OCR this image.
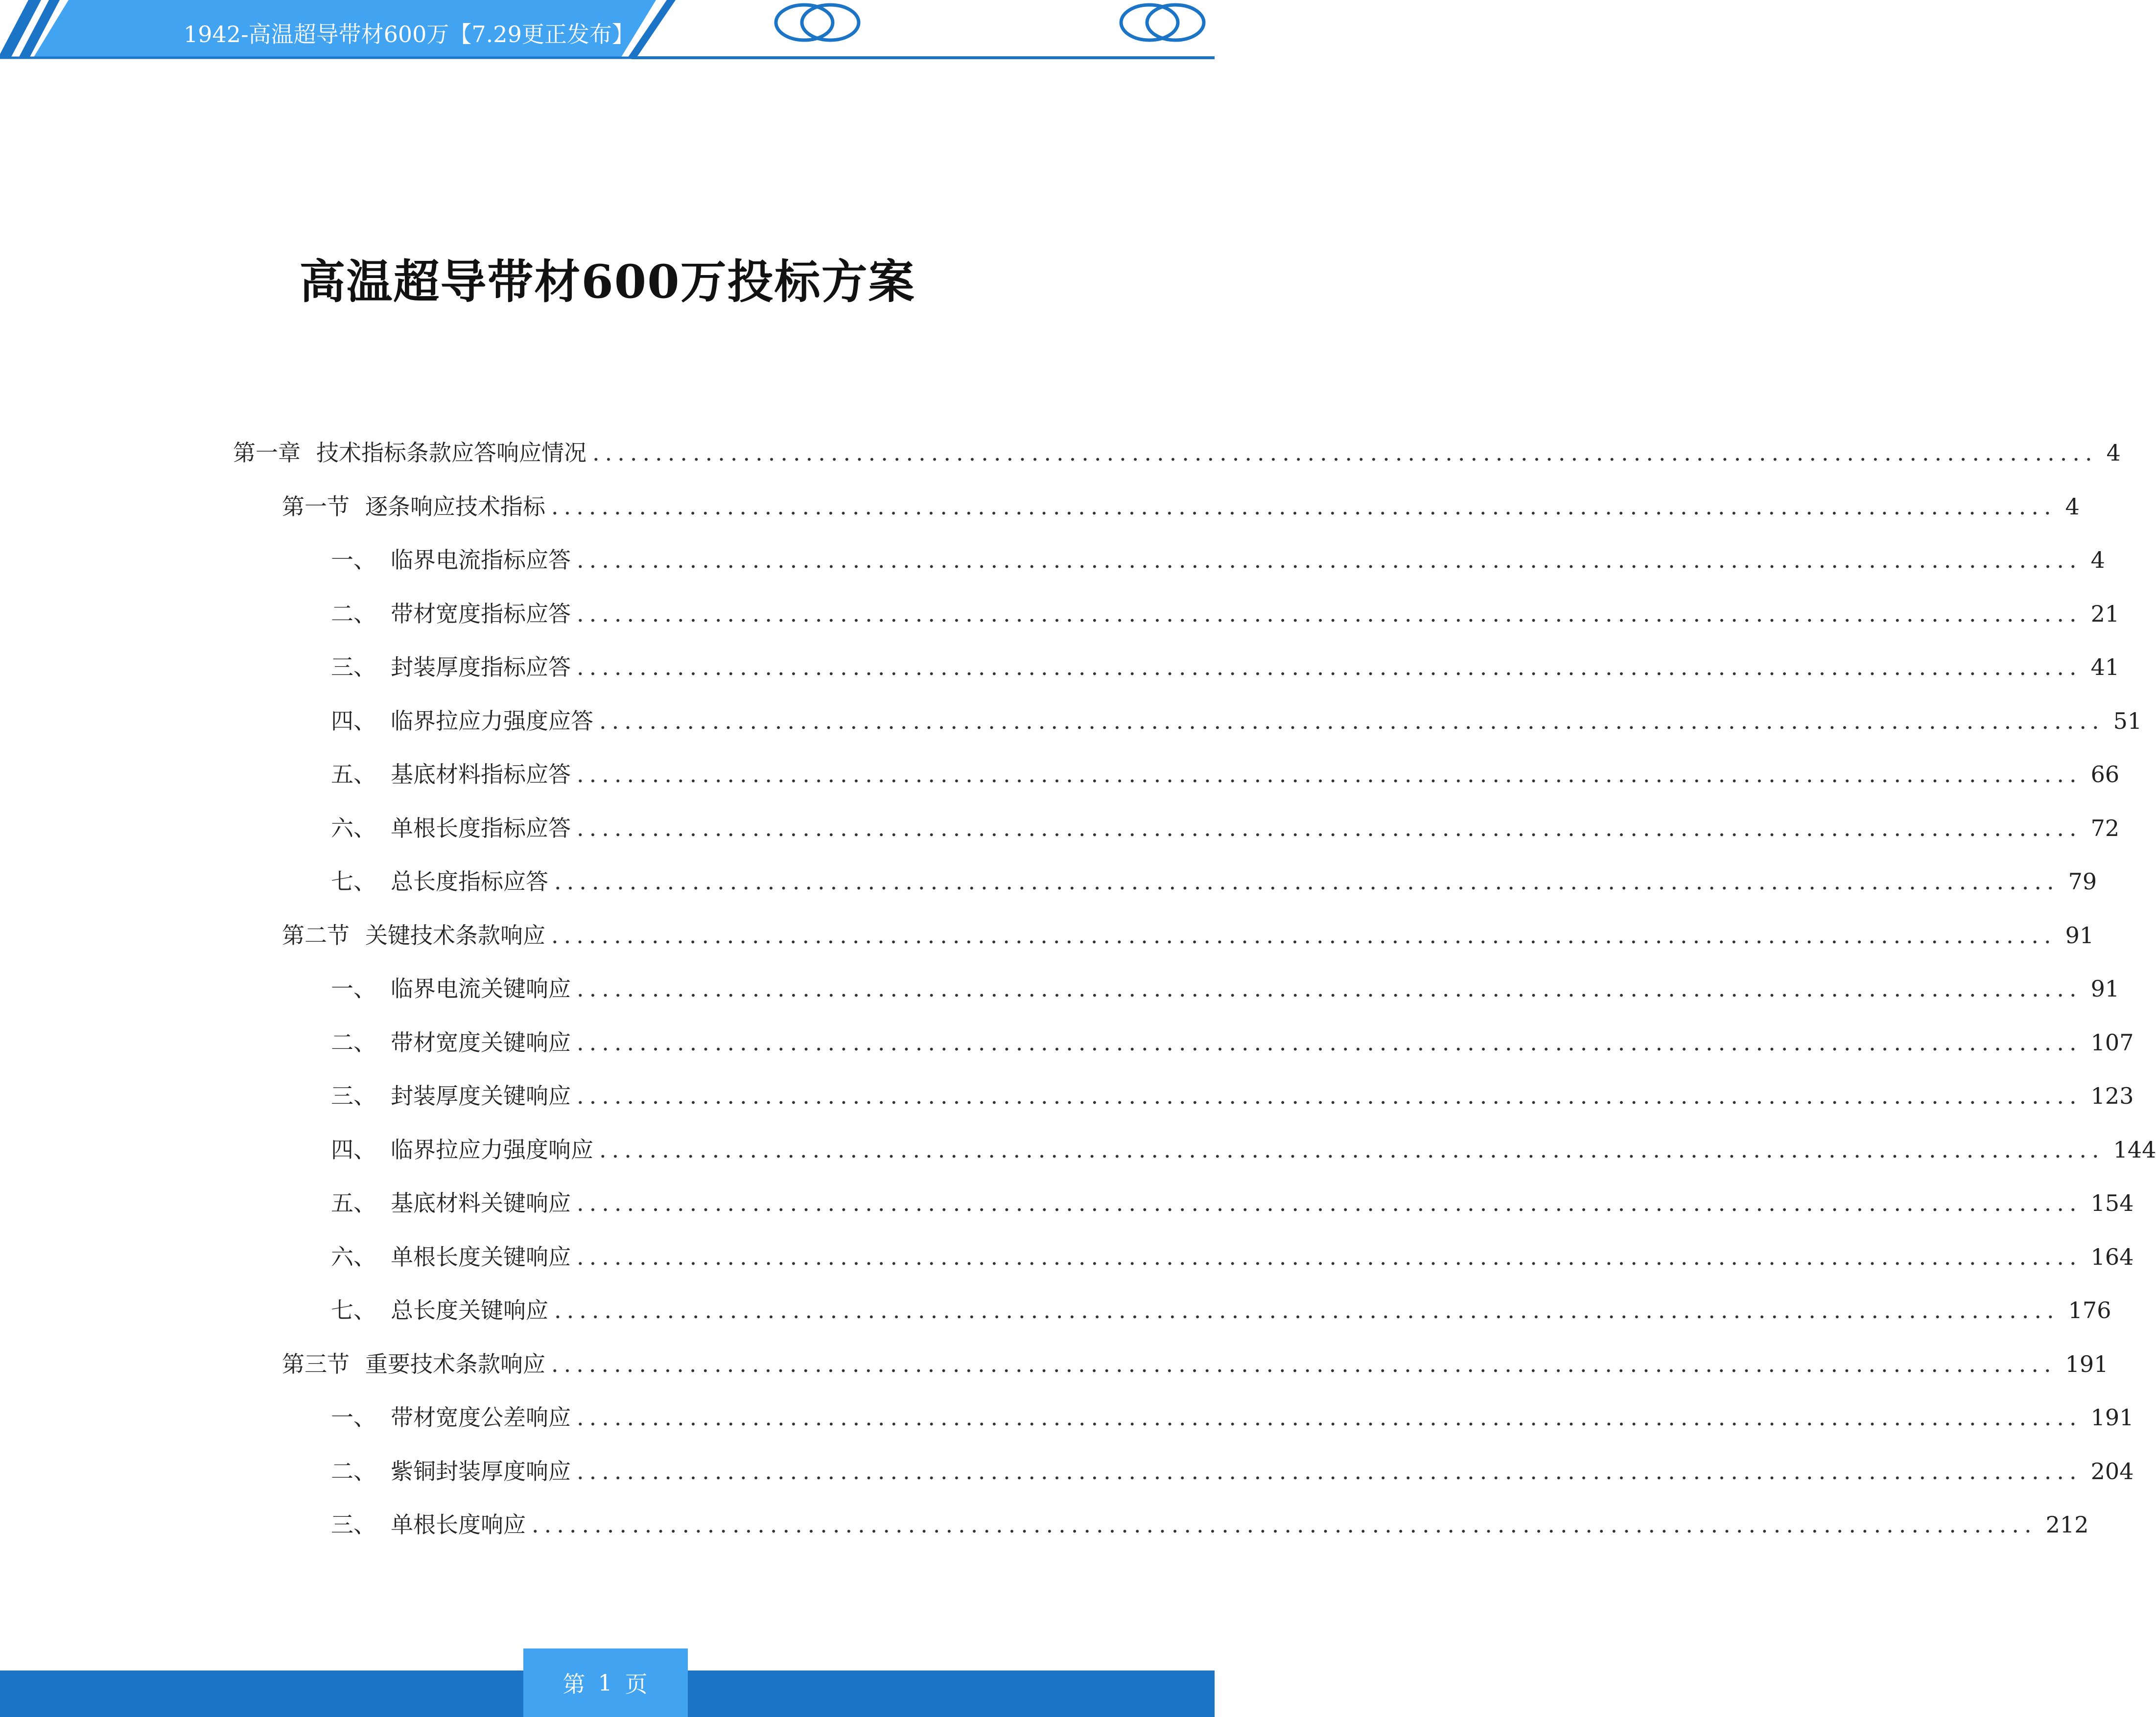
1942-高温超导带材600万【7.29更正发布】
高温超导带材600万投标方案
第一章 技术指标条款应答响应情况 ........................................................................................................................ 4
第一节 逐条响应技术指标 ........................................................................................................................ 4
一、 临界电流指标应答 ........................................................................................................................ 4
二、 带材宽度指标应答 ........................................................................................................................ 21
三、 封装厚度指标应答 ........................................................................................................................ 41
四、 临界拉应力强度应答 ........................................................................................................................ 51
五、 基底材料指标应答 ........................................................................................................................ 66
六、 单根长度指标应答 ........................................................................................................................ 72
七、 总长度指标应答 ........................................................................................................................ 79
第二节 关键技术条款响应 ........................................................................................................................ 91
一、 临界电流关键响应 ........................................................................................................................ 91
二、 带材宽度关键响应 ........................................................................................................................ 107
三、 封装厚度关键响应 ........................................................................................................................ 123
四、 临界拉应力强度响应 ........................................................................................................................ 144
五、 基底材料关键响应 ........................................................................................................................ 154
六、 单根长度关键响应 ........................................................................................................................ 164
七、 总长度关键响应 ........................................................................................................................ 176
第三节 重要技术条款响应 ........................................................................................................................ 191
一、 带材宽度公差响应 ........................................................................................................................ 191
二、 紫铜封装厚度响应 ........................................................................................................................ 204
三、 单根长度响应 ........................................................................................................................ 212
第 1 页
